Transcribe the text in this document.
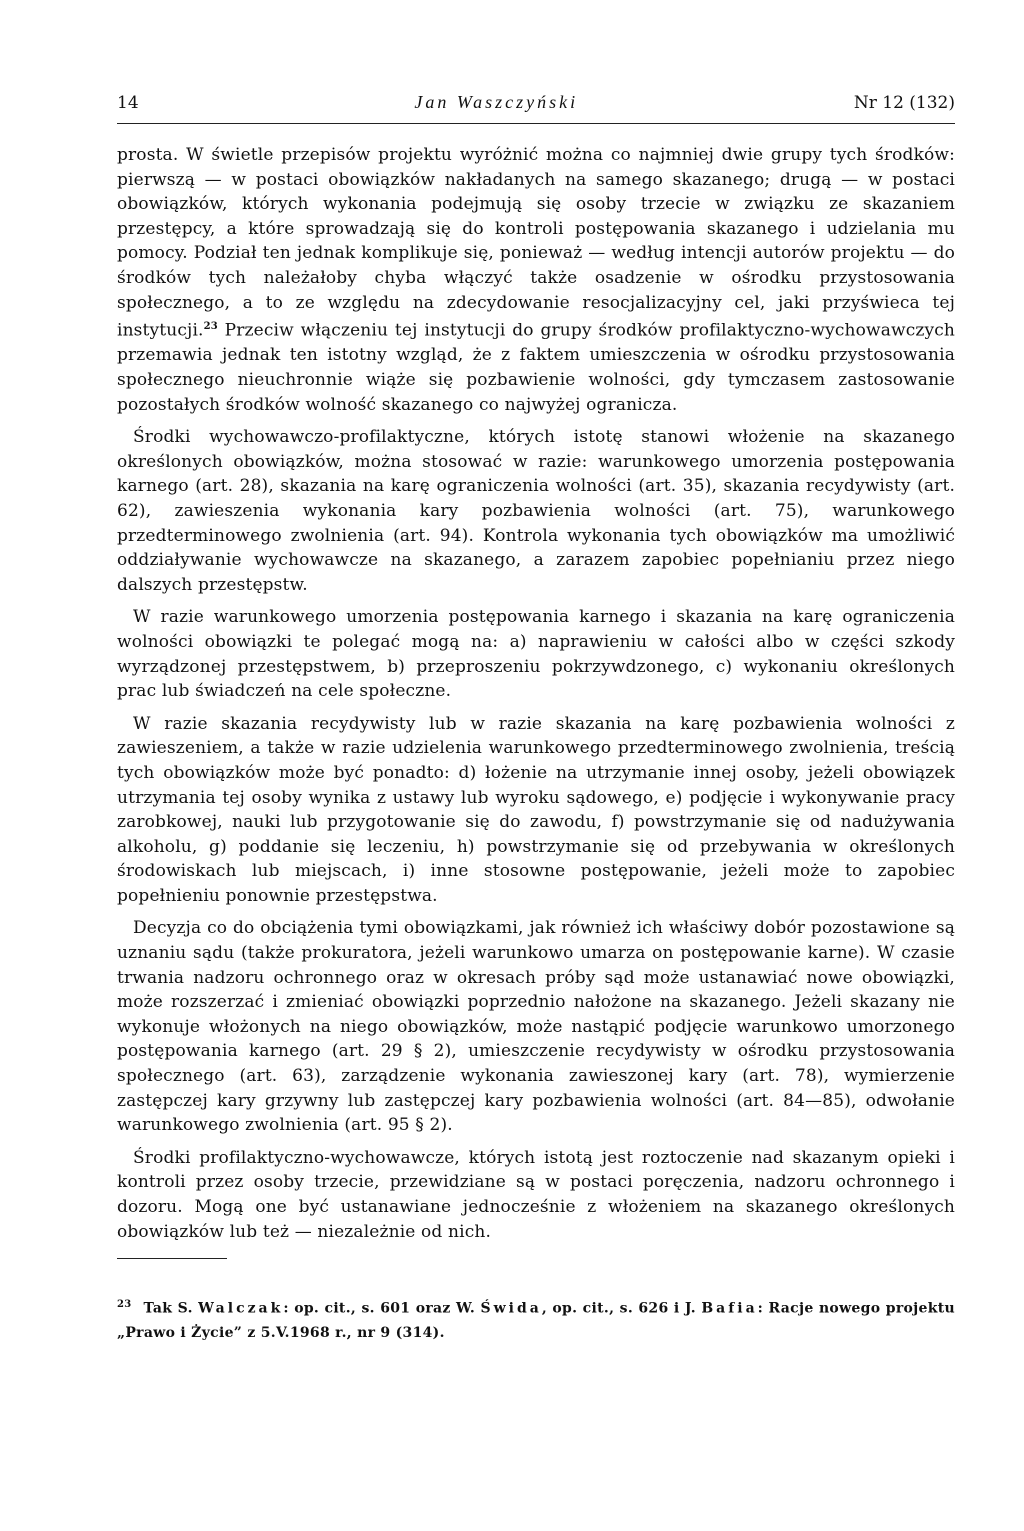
14	Jan Waszczyński	Nr 12 (132)

prosta. W świetle przepisów projektu wyróżnić można co najmniej dwie grupy tych środków: pierwszą — w postaci obowiązków nakładanych na samego skazanego; drugą — w postaci obowiązków, których wykonania podejmują się osoby trzecie w związku ze skazaniem przestępcy, a które sprowadzają się do kontroli postępowania skazanego i udzielania mu pomocy. Podział ten jednak komplikuje się, ponieważ — według intencji autorów projektu — do środków tych należałoby chyba włączyć także osadzenie w ośrodku przystosowania społecznego, a to ze względu na zdecydowanie resocjalizacyjny cel, jaki przyświeca tej instytucji.$^{23}$ Przeciw włączeniu tej instytucji do grupy środków profilaktyczno-wychowawczych przemawia jednak ten istotny wzgląd, że z faktem umieszczenia w ośrodku przystosowania społecznego nieuchronnie wiąże się pozbawienie wolności, gdy tymczasem zastosowanie pozostałych środków wolność skazanego co najwyżej ogranicza.

Środki wychowawczo-profilaktyczne, których istotę stanowi włożenie na skazanego określonych obowiązków, można stosować w razie: warunkowego umorzenia postępowania karnego (art. 28), skazania na karę ograniczenia wolności (art. 35), skazania recydywisty (art. 62), zawieszenia wykonania kary pozbawienia wolności (art. 75), warunkowego przedterminowego zwolnienia (art. 94). Kontrola wykonania tych obowiązków ma umożliwić oddziaływanie wychowawcze na skazanego, a zarazem zapobiec popełnianiu przez niego dalszych przestępstw.

W razie warunkowego umorzenia postępowania karnego i skazania na karę ograniczenia wolności obowiązki te polegać mogą na: a) naprawieniu w całości albo w części szkody wyrządzonej przestępstwem, b) przeproszeniu pokrzywdzonego, c) wykonaniu określonych prac lub świadczeń na cele społeczne.

W razie skazania recydywisty lub w razie skazania na karę pozbawienia wolności z zawieszeniem, a także w razie udzielenia warunkowego przedterminowego zwolnienia, treścią tych obowiązków może być ponadto: d) łożenie na utrzymanie innej osoby, jeżeli obowiązek utrzymania tej osoby wynika z ustawy lub wyroku sądowego, e) podjęcie i wykonywanie pracy zarobkowej, nauki lub przygotowanie się do zawodu, f) powstrzymanie się od nadużywania alkoholu, g) poddanie się leczeniu, h) powstrzymanie się od przebywania w określonych środowiskach lub miejscach, i) inne stosowne postępowanie, jeżeli może to zapobiec popełnieniu ponownie przestępstwa.

Decyzja co do obciążenia tymi obowiązkami, jak również ich właściwy dobór pozostawione są uznaniu sądu (także prokuratora, jeżeli warunkowo umarza on postępowanie karne). W czasie trwania nadzoru ochronnego oraz w okresach próby sąd może ustanawiać nowe obowiązki, może rozszerzać i zmieniać obowiązki poprzednio nałożone na skazanego. Jeżeli skazany nie wykonuje włożonych na niego obowiązków, może nastąpić podjęcie warunkowo umorzonego postępowania karnego (art. 29 § 2), umieszczenie recydywisty w ośrodku przystosowania społecznego (art. 63), zarządzenie wykonania zawieszonej kary (art. 78), wymierzenie zastępczej kary grzywny lub zastępczej kary pozbawienia wolności (art. 84—85), odwołanie warunkowego zwolnienia (art. 95 § 2).

Środki profilaktyczno-wychowawcze, których istotą jest roztoczenie nad skazanym opieki i kontroli przez osoby trzecie, przewidziane są w postaci poręczenia, nadzoru ochronnego i dozoru. Mogą one być ustanawiane jednocześnie z włożeniem na skazanego określonych obowiązków lub też — niezależnie od nich.

$^{23}$ Tak S. Walczak: op. cit., s. 601 oraz W. Świda, op. cit., s. 626 i J. Bafia: Racje nowego projektu „Prawo i Życie” z 5.V.1968 r., nr 9 (314).
